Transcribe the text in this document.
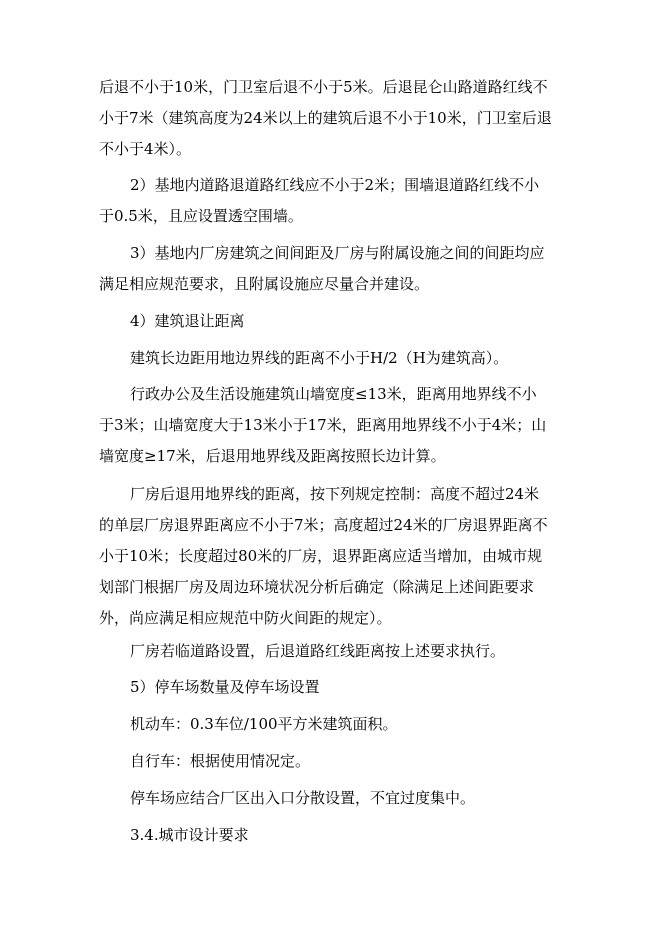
后退不小于10米，门卫室后退不小于5米。后退昆仑山路道路红线不
小于7米（建筑高度为24米以上的建筑后退不小于10米，门卫室后退
不小于4米）。

2）基地内道路退道路红线应不小于2米；围墙退道路红线不小
于0.5米，且应设置透空围墙。

3）基地内厂房建筑之间间距及厂房与附属设施之间的间距均应
满足相应规范要求，且附属设施应尽量合并建设。

4）建筑退让距离

建筑长边距用地边界线的距离不小于H/2（H为建筑高）。

行政办公及生活设施建筑山墙宽度≤13米，距离用地界线不小
于3米；山墙宽度大于13米小于17米，距离用地界线不小于4米；山
墙宽度≥17米，后退用地界线及距离按照长边计算。

厂房后退用地界线的距离，按下列规定控制：高度不超过24米
的单层厂房退界距离应不小于7米；高度超过24米的厂房退界距离不
小于10米；长度超过80米的厂房，退界距离应适当增加，由城市规
划部门根据厂房及周边环境状况分析后确定（除满足上述间距要求
外，尚应满足相应规范中防火间距的规定）。

厂房若临道路设置，后退道路红线距离按上述要求执行。

5）停车场数量及停车场设置

机动车：0.3车位/100平方米建筑面积。

自行车：根据使用情况定。

停车场应结合厂区出入口分散设置，不宜过度集中。

3.4.城市设计要求
